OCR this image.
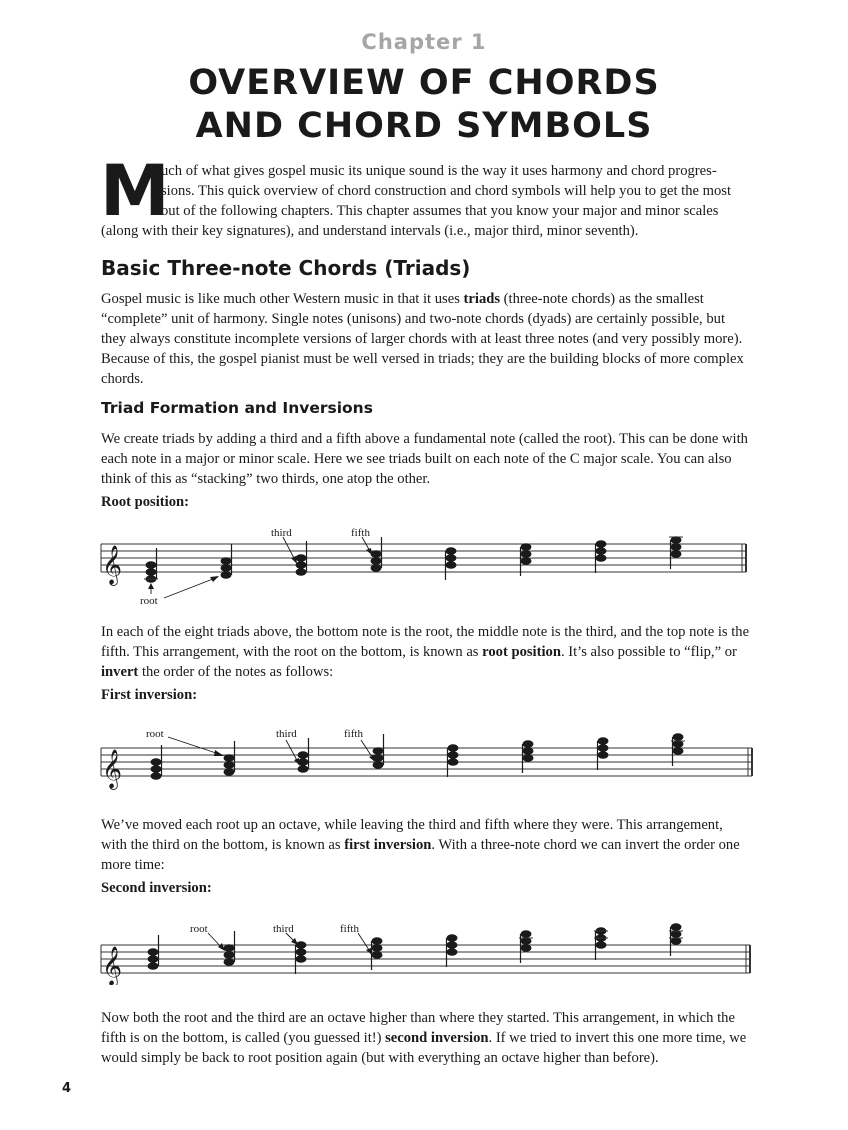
Chapter 1
OVERVIEW OF CHORDS
AND CHORD SYMBOLS
M
uch of what gives gospel music its unique sound is the way it uses harmony and chord progres-
sions. This quick overview of chord construction and chord symbols will help you to get the most
out of the following chapters. This chapter assumes that you know your major and minor scales
(along with their key signatures), and understand intervals (i.e., major third, minor seventh).
Basic Three-note Chords (Triads)
Gospel music is like much other Western music in that it uses triads (three-note chords) as the smallest “complete” unit of harmony. Single notes (unisons) and two-note chords (dyads) are certainly possible, but they always constitute incomplete versions of larger chords with at least three notes (and very possibly more). Because of this, the gospel pianist must be well versed in triads; they are the building blocks of more complex chords.
Triad Formation and Inversions
We create triads by adding a third and a fifth above a fundamental note (called the root). This can be done with each note in a major or minor scale. Here we see triads built on each note of the C major scale. You can also think of this as “stacking” two thirds, one atop the other.
Root position:
𝄞
root
third	fifth
In each of the eight triads above, the bottom note is the root, the middle note is the third, and the top note is the fifth. This arrangement, with the root on the bottom, is known as root position. It’s also possible to “flip,” or invert the order of the notes as follows:
First inversion:
𝄞
root	third	fifth
We’ve moved each root up an octave, while leaving the third and fifth where they were. This arrangement, with the third on the bottom, is known as first inversion. With a three-note chord we can invert the order one more time:
Second inversion:
𝄞
root	third	fifth
Now both the root and the third are an octave higher than where they started. This arrangement, in which the fifth is on the bottom, is called (you guessed it!) second inversion. If we tried to invert this one more time, we would simply be back to root position again (but with everything an octave higher than before).
4
